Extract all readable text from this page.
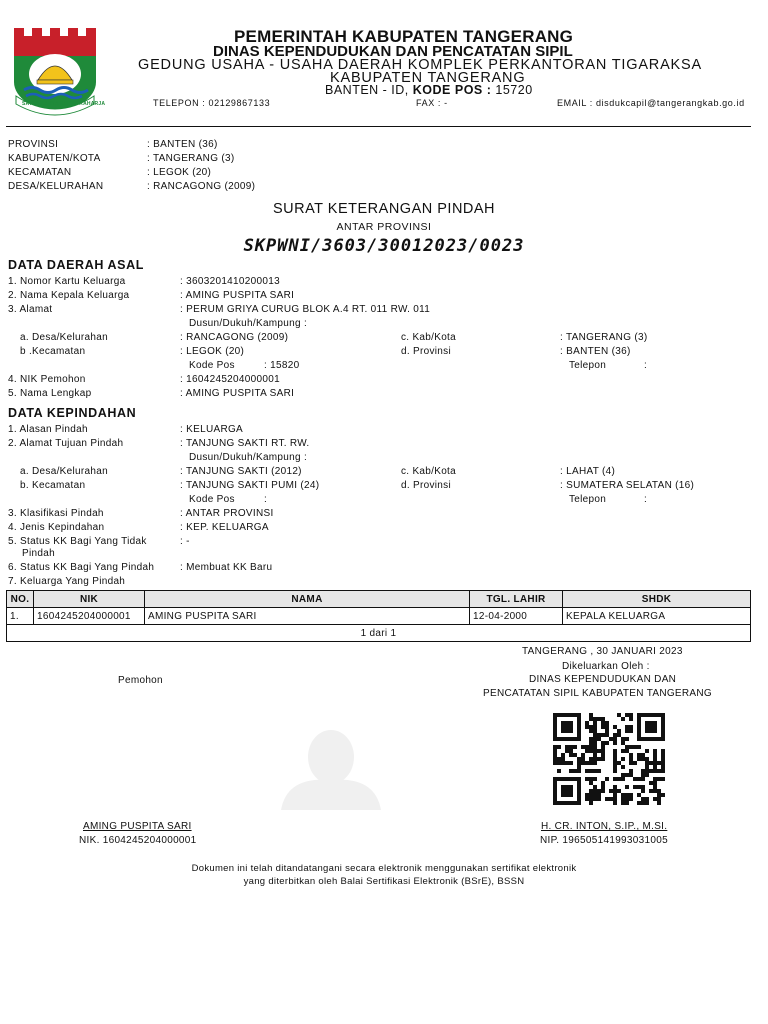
SATYA KARYA KERTA RAHARJA
PEMERINTAH KABUPATEN TANGERANG
DINAS KEPENDUDUKAN DAN PENCATATAN SIPIL
GEDUNG USAHA - USAHA DAERAH KOMPLEK PERKANTORAN TIGARAKSA
KABUPATEN TANGERANG
BANTEN - ID, KODE POS : 15720
TELEPON : 02129867133	FAX : -	EMAIL : disdukcapil@tangerangkab.go.id
PROVINSI	: BANTEN (36)
KABUPATEN/KOTA	: TANGERANG (3)
KECAMATAN	: LEGOK (20)
DESA/KELURAHAN	: RANCAGONG (2009)
SURAT KETERANGAN PINDAH
ANTAR PROVINSI
SKPWNI/3603/30012023/0023
DATA DAERAH ASAL
1. Nomor Kartu Keluarga	: 3603201410200013
2. Nama Kepala Keluarga	: AMING PUSPITA SARI
3. Alamat	: PERUM GRIYA CURUG BLOK A.4 RT. 011 RW. 011
Dusun/Dukuh/Kampung :
a. Desa/Kelurahan	: RANCAGONG (2009)	c. Kab/Kota	: TANGERANG (3)
b .Kecamatan	: LEGOK (20)	d. Provinsi	: BANTEN (36)
Kode Pos	: 15820	Telepon	:
4. NIK Pemohon	: 1604245204000001
5. Nama Lengkap	: AMING PUSPITA SARI
DATA KEPINDAHAN
1. Alasan Pindah	: KELUARGA
2. Alamat Tujuan Pindah	: TANJUNG SAKTI RT. RW.
Dusun/Dukuh/Kampung :
a. Desa/Kelurahan	: TANJUNG SAKTI (2012)	c. Kab/Kota	: LAHAT (4)
b. Kecamatan	: TANJUNG SAKTI PUMI (24)	d. Provinsi	: SUMATERA SELATAN (16)
Kode Pos	:	Telepon	:
3. Klasifikasi Pindah	: ANTAR PROVINSI
4. Jenis Kepindahan	: KEP. KELUARGA
5. Status KK Bagi Yang Tidak	: -
Pindah
6. Status KK Bagi Yang Pindah	: Membuat KK Baru
7. Keluarga Yang Pindah
NO.	NIK	NAMA	TGL. LAHIR	SHDK
1.	1604245204000001	AMING PUSPITA SARI	12-04-2000	KEPALA KELUARGA
1 dari 1				
TANGERANG , 30 JANUARI 2023
Dikeluarkan Oleh :
DINAS KEPENDUDUKAN DAN
PENCATATAN SIPIL KABUPATEN TANGERANG
Pemohon
AMING PUSPITA SARI
NIK. 1604245204000001
H. CR. INTON, S.IP., M.SI.
NIP. 196505141993031005
Dokumen ini telah ditandatangani secara elektronik menggunakan sertifikat elektronik
yang diterbitkan oleh Balai Sertifikasi Elektronik (BSrE), BSSN
